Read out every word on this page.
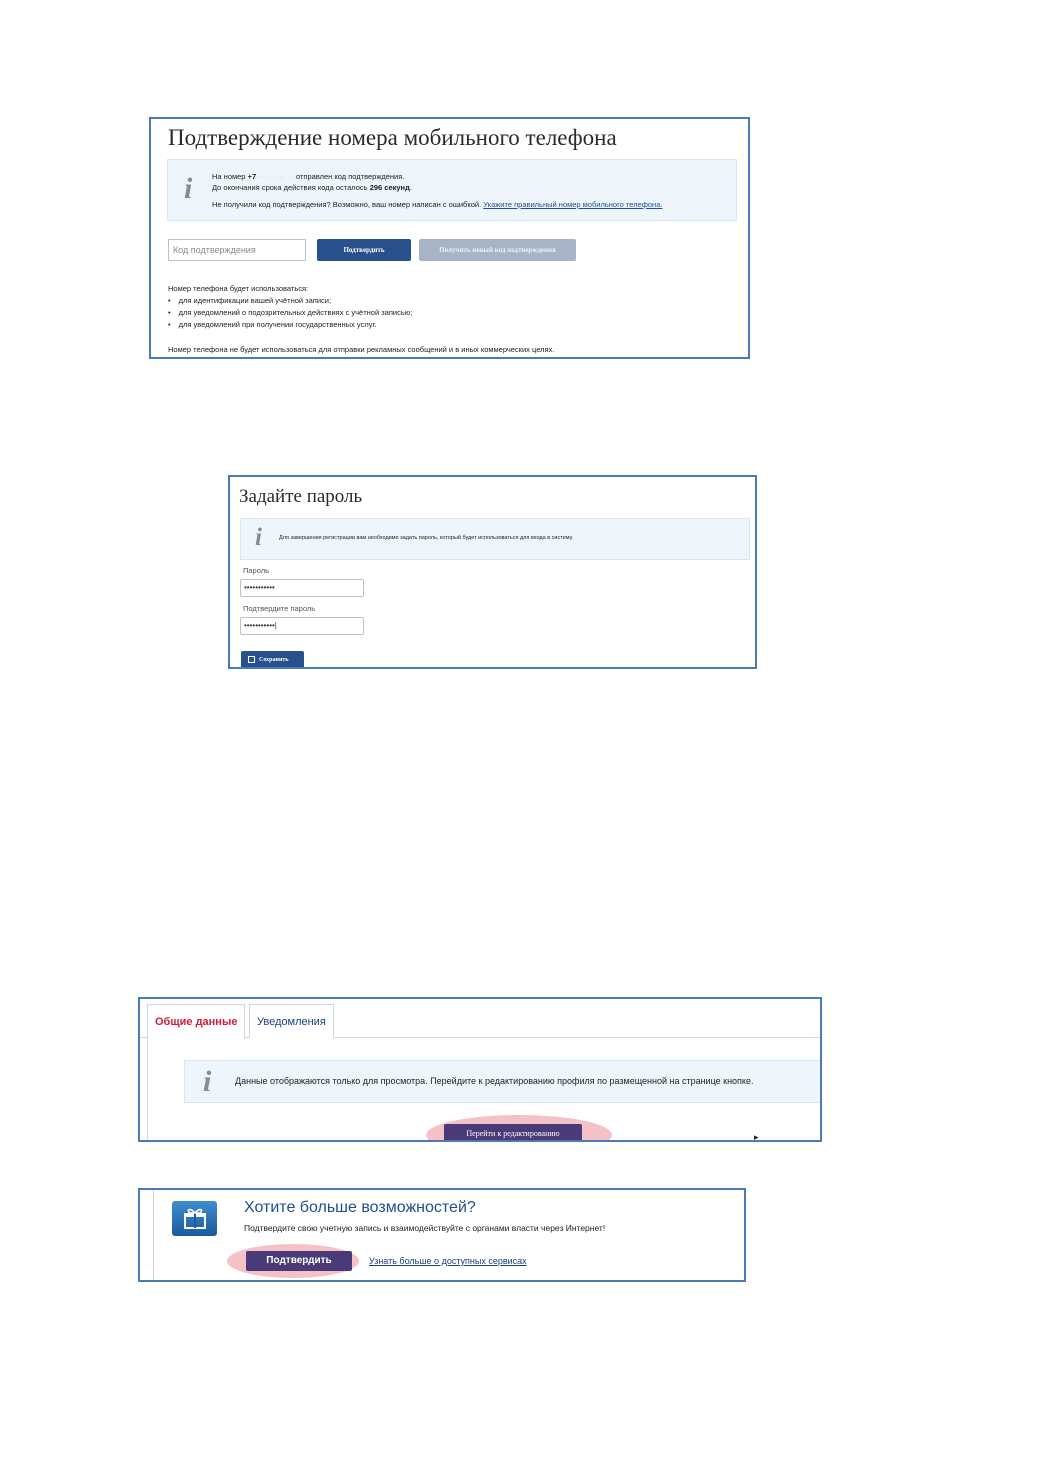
Подтверждение номера мобильного телефона
i	На номер +7··· ··· ·· ·· отправлен код подтверждения.
До окончания срока действия кода осталось 296 секунд.
Не получили код подтверждения? Возможно, ваш номер написан с ошибкой. Укажите правильный номер мобильного телефона.
Код подтверждения	Подтвердить	Получить новый код подтверждения
Номер телефона будет использоваться:
• для идентификации вашей учётной записи;
• для уведомлений о подозрительных действиях с учётной записью;
• для уведомлений при получении государственных услуг.
Номер телефона не будет использоваться для отправки рекламных сообщений и в иных коммерческих целях.
Задайте пароль
i	Для завершения регистрации вам необходимо задать пароль, который будет использоваться для входа в систему.
Пароль
•••••••••••
Подтвердите пароль
•••••••••••|
Сохранить
Общие данные	Уведомления
i	Данные отображаются только для просмотра. Перейдите к редактированию профиля по размещенной на странице кнопке.
Перейти к редактированию	▸
Хотите больше возможностей?
Подтвердите свою учетную запись и взаимодействуйте с органами власти через Интернет!
Подтвердить	Узнать больше о доступных сервисах
